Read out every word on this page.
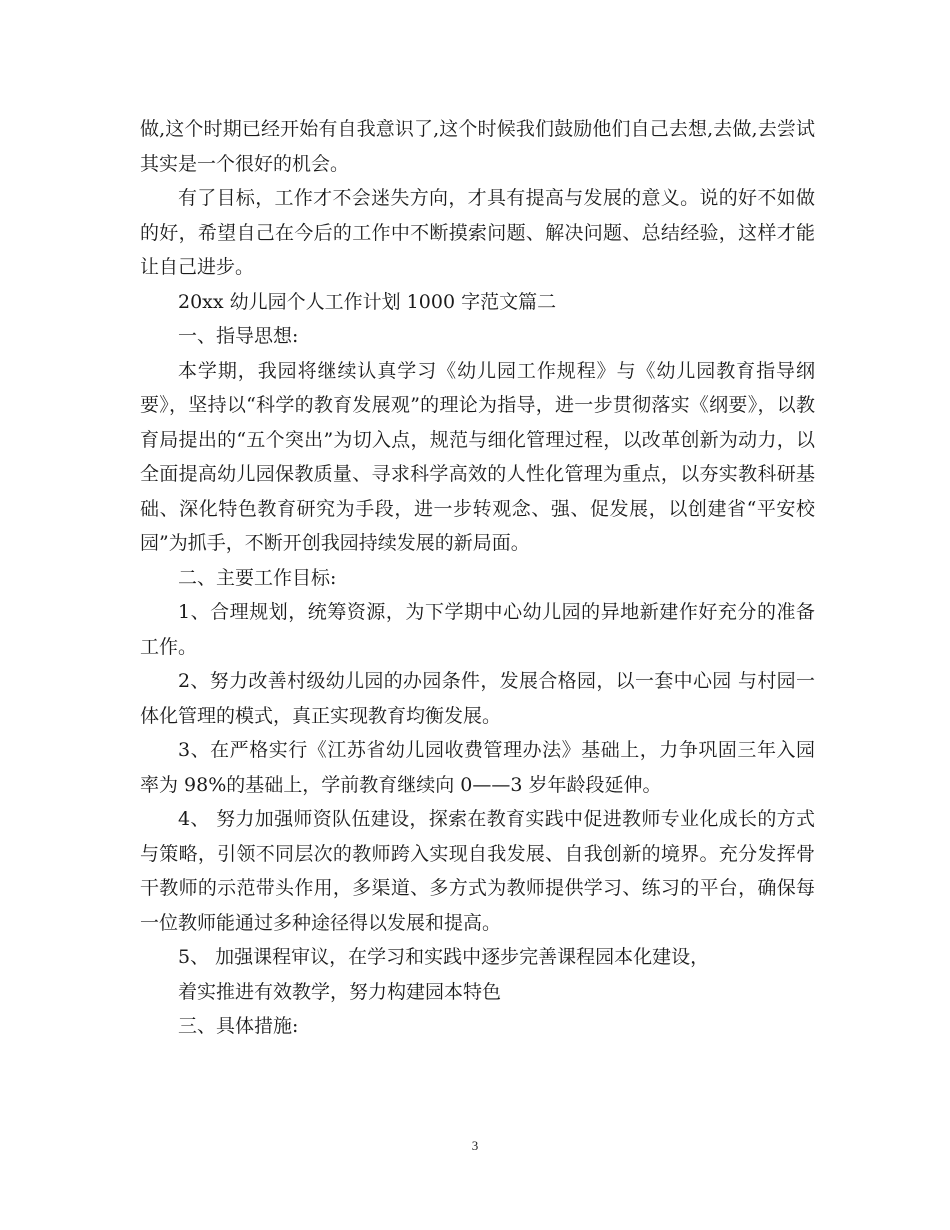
做,这个时期已经开始有自我意识了,这个时候我们鼓励他们自己去想,去做,去尝试其实是一个很好的机会。

有了目标，工作才不会迷失方向，才具有提高与发展的意义。说的好不如做的好，希望自己在今后的工作中不断摸索问题、解决问题、总结经验，这样才能让自己进步。

20xx 幼儿园个人工作计划 1000 字范文篇二

一、指导思想:

本学期，我园将继续认真学习《幼儿园工作规程》与《幼儿园教育指导纲要》，坚持以“科学的教育发展观”的理论为指导，进一步贯彻落实《纲要》，以教育局提出的“五个突出”为切入点，规范与细化管理过程，以改革创新为动力，以全面提高幼儿园保教质量、寻求科学高效的人性化管理为重点，以夯实教科研基础、深化特色教育研究为手段，进一步转观念、强、促发展，以创建省“平安校园”为抓手，不断开创我园持续发展的新局面。

二、主要工作目标:

1、合理规划，统筹资源，为下学期中心幼儿园的异地新建作好充分的准备工作。

2、努力改善村级幼儿园的办园条件，发展合格园，以一套中心园 与村园一体化管理的模式，真正实现教育均衡发展。

3、在严格实行《江苏省幼儿园收费管理办法》基础上，力争巩固三年入园率为 98%的基础上，学前教育继续向 0——3 岁年龄段延伸。

4、 努力加强师资队伍建设，探索在教育实践中促进教师专业化成长的方式与策略，引领不同层次的教师跨入实现自我发展、自我创新的境界。充分发挥骨干教师的示范带头作用，多渠道、多方式为教师提供学习、练习的平台，确保每一位教师能通过多种途径得以发展和提高。

5、 加强课程审议，在学习和实践中逐步完善课程园本化建设，

着实推进有效教学，努力构建园本特色

三、具体措施:

3
